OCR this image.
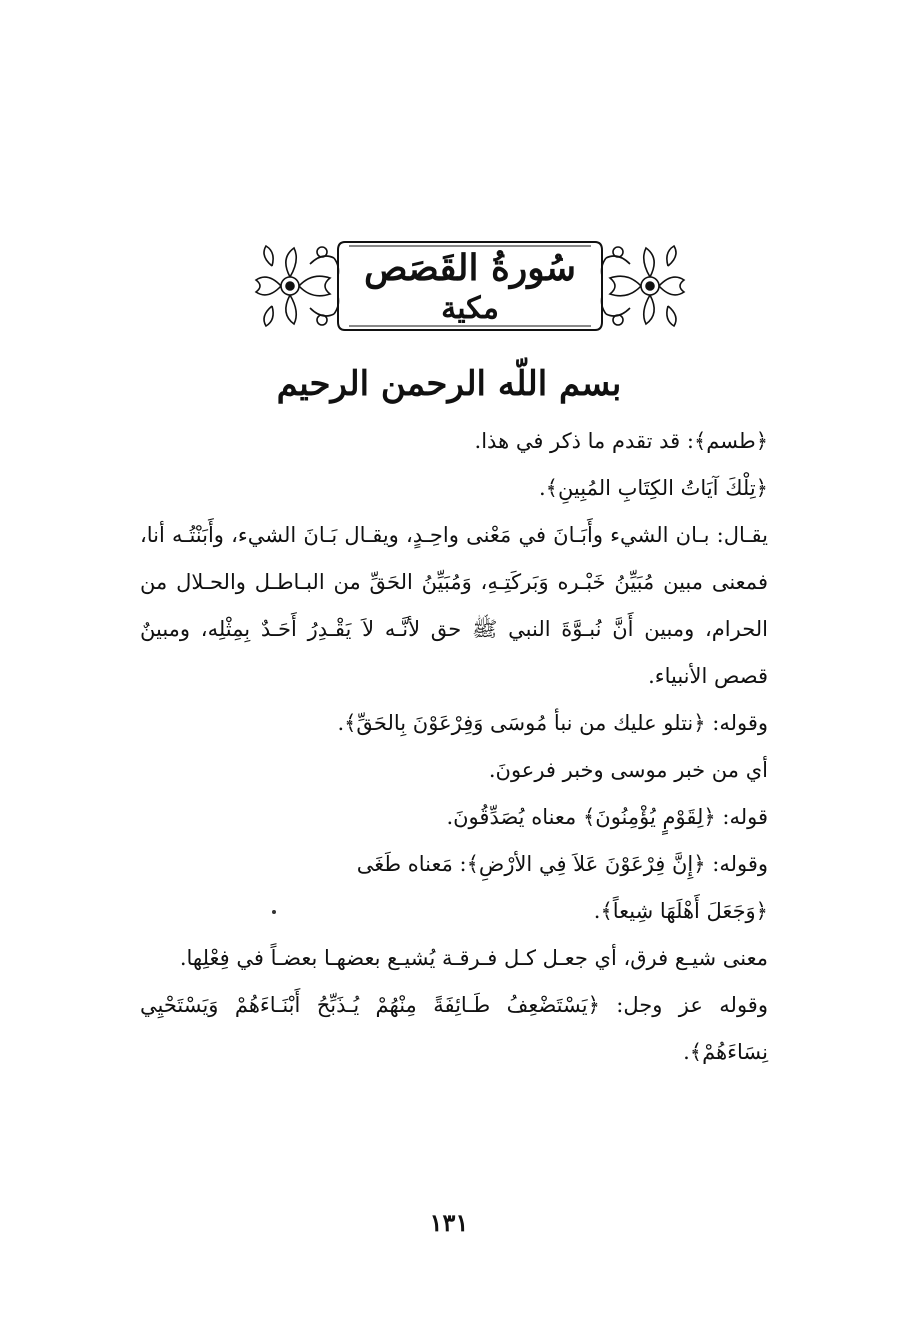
سُورةُ القَصَص
مكية
بسم اللّه الرحمن الرحيم

﴿طسم﴾: قد تقدم ما ذكر في هذا.

﴿تِلْكَ آيَاتُ الكِتَابِ المُبِينِ﴾.

يقـال: بـان الشيء وأَبَـانَ في مَعْنى واحِـدٍ، ويقـال بَـانَ الشيء، وأَبَنْتُـه أنا، فمعنى مبين مُبَيِّنُ خَبْـره وَبَركَتِـهِ، وَمُبَيِّنُ الحَقِّ من البـاطـل والحـلال من الحرام، ومبين أَنَّ نُبـوَّةَ النبي ﷺ حق لأنَّـه لاَ يَقْـدِرُ أَحَـدٌ بِمِثْلِه، ومبينٌ قصص الأنبياء.

وقوله: ﴿نتلو عليك من نبأ مُوسَى وَفِرْعَوْنَ بِالحَقِّ﴾.

أي من خبر موسى وخبر فرعونَ.

قوله: ﴿لِقَوْمٍ يُؤْمِنُونَ﴾ معناه يُصَدِّقُونَ.

وقوله: ﴿إِنَّ فِرْعَوْنَ عَلاَ فِي الأرْضِ﴾: مَعناه طَغَى

﴿وَجَعَلَ أَهْلَهَا شِيعاً﴾.

معنى شيـع فرق، أي جعـل كـل فـرقـة يُشيـع بعضهـا بعضـاً في فِعْلِها.

وقوله عز وجل: ﴿يَسْتَضْعِفُ طَـائِفَةً مِنْهُمْ يُـذَبِّحُ أَبْنَـاءَهُمْ وَيَسْتَحْيِي نِسَاءَهُمْ﴾.

١٣١
